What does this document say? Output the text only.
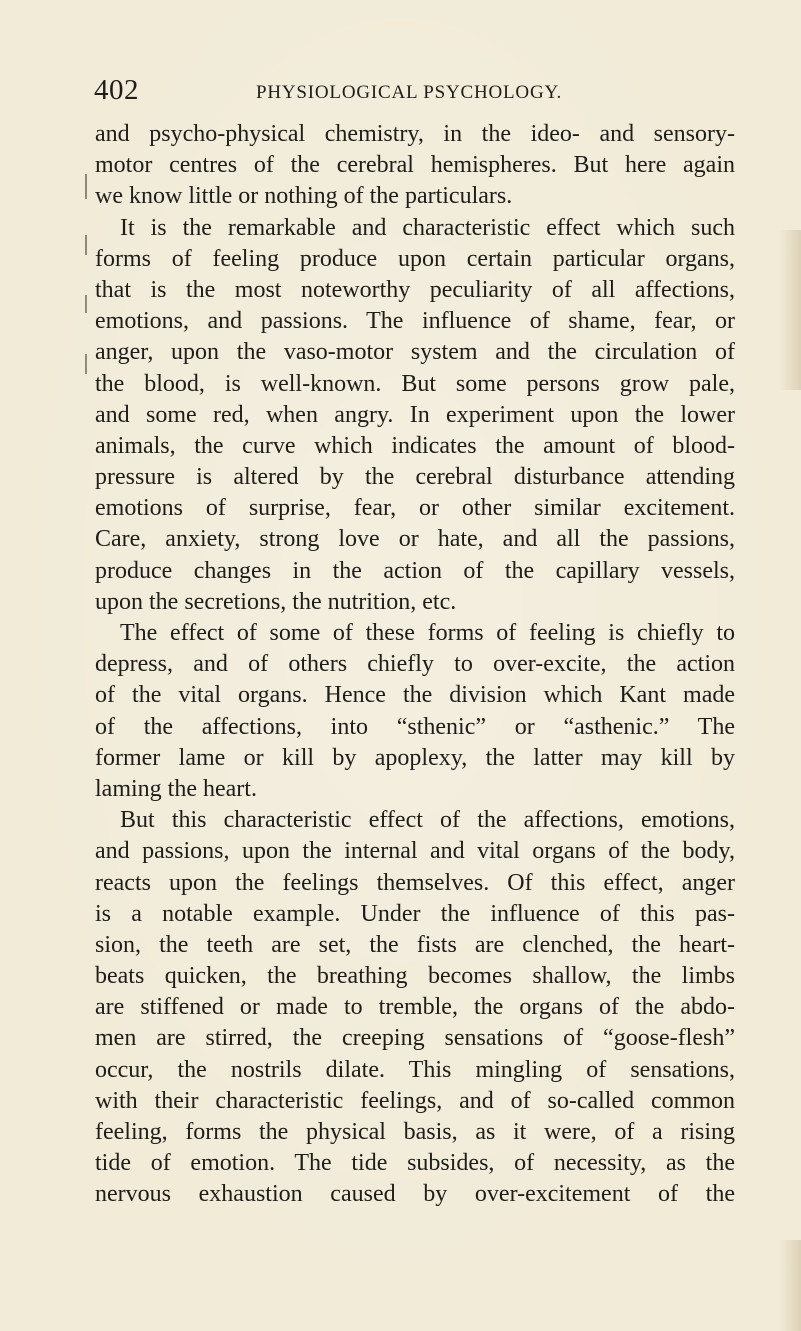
402	PHYSIOLOGICAL PSYCHOLOGY.
and psycho-physical chemistry, in the ideo- and sensory-
motor centres of the cerebral hemispheres. But here again
we know little or nothing of the particulars.
It is the remarkable and characteristic effect which such
forms of feeling produce upon certain particular organs,
that is the most noteworthy peculiarity of all affections,
emotions, and passions. The influence of shame, fear, or
anger, upon the vaso-motor system and the circulation of
the blood, is well-known. But some persons grow pale,
and some red, when angry. In experiment upon the lower
animals, the curve which indicates the amount of blood-
pressure is altered by the cerebral disturbance attending
emotions of surprise, fear, or other similar excitement.
Care, anxiety, strong love or hate, and all the passions,
produce changes in the action of the capillary vessels,
upon the secretions, the nutrition, etc.
The effect of some of these forms of feeling is chiefly to
depress, and of others chiefly to over-excite, the action
of the vital organs. Hence the division which Kant made
of the affections, into “sthenic” or “asthenic.” The
former lame or kill by apoplexy, the latter may kill by
laming the heart.
But this characteristic effect of the affections, emotions,
and passions, upon the internal and vital organs of the body,
reacts upon the feelings themselves. Of this effect, anger
is a notable example. Under the influence of this pas-
sion, the teeth are set, the fists are clenched, the heart-
beats quicken, the breathing becomes shallow, the limbs
are stiffened or made to tremble, the organs of the abdo-
men are stirred, the creeping sensations of “goose-flesh”
occur, the nostrils dilate. This mingling of sensations,
with their characteristic feelings, and of so-called common
feeling, forms the physical basis, as it were, of a rising
tide of emotion. The tide subsides, of necessity, as the
nervous exhaustion caused by over-excitement of the
